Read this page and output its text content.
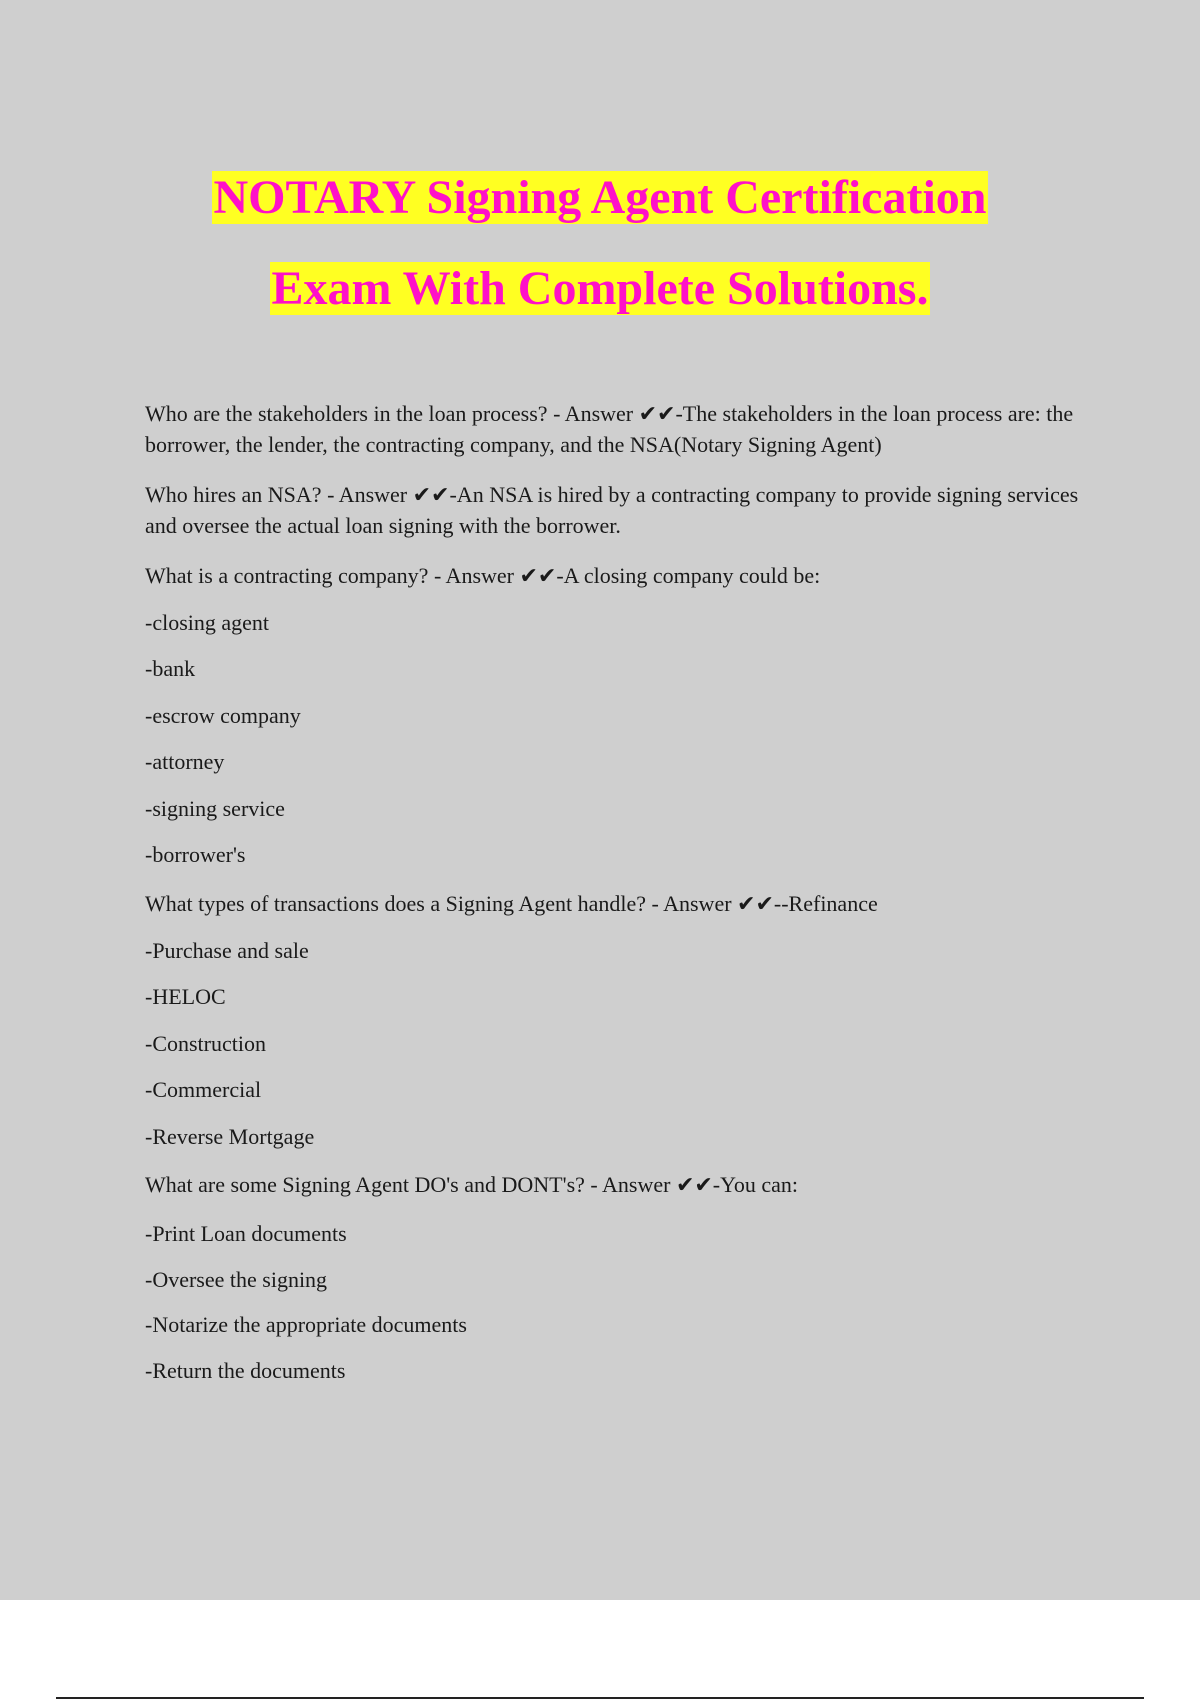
NOTARY Signing Agent Certification
Exam With Complete Solutions.

Who are the stakeholders in the loan process? - Answer ✔✔-The stakeholders in the loan process are: the borrower, the lender, the contracting company, and the NSA(Notary Signing Agent)

Who hires an NSA? - Answer ✔✔-An NSA is hired by a contracting company to provide signing services and oversee the actual loan signing with the borrower.

What is a contracting company? - Answer ✔✔-A closing company could be:

-closing agent

-bank

-escrow company

-attorney

-signing service

-borrower's

What types of transactions does a Signing Agent handle? - Answer ✔✔--Refinance

-Purchase and sale

-HELOC

-Construction

-Commercial

-Reverse Mortgage

What are some Signing Agent DO's and DONT's? - Answer ✔✔-You can:

-Print Loan documents

-Oversee the signing

-Notarize the appropriate documents

-Return the documents
